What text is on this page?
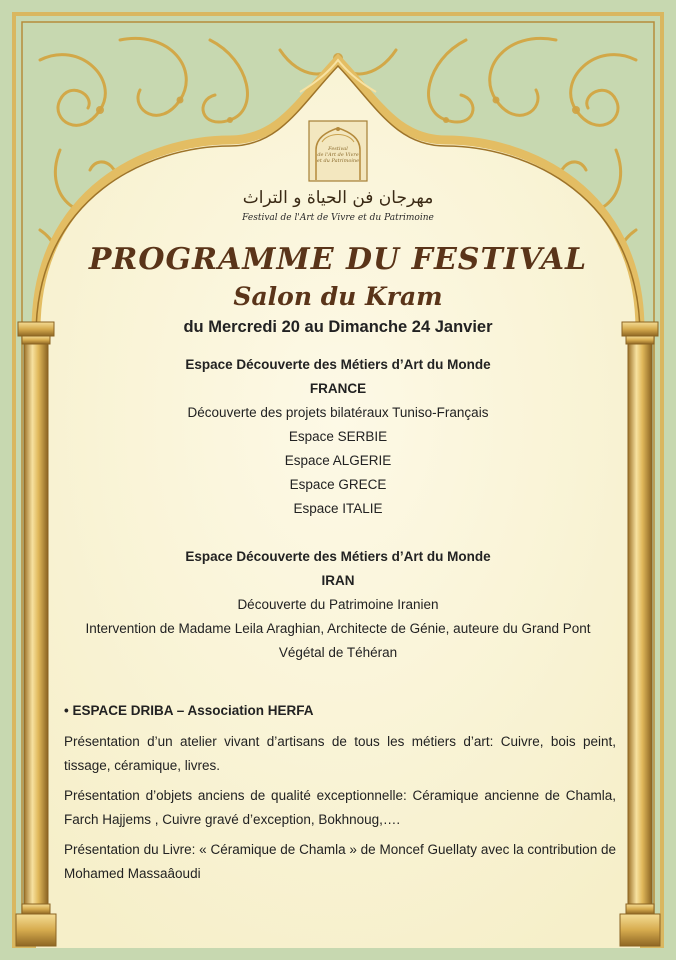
Festival
de l'Art de Vivre
et du Patrimoine
مهرجان فن الحياة و التراث
Festival de l'Art de Vivre et du Patrimoine
PROGRAMME DU FESTIVAL
Salon du Kram
du Mercredi 20 au Dimanche 24 Janvier
Espace Découverte des Métiers d’Art du Monde
FRANCE
Découverte des projets bilatéraux Tuniso-Français
Espace SERBIE
Espace ALGERIE
Espace GRECE
Espace ITALIE
Espace Découverte des Métiers d’Art du Monde
IRAN
Découverte du Patrimoine Iranien
Intervention de Madame Leila Araghian, Architecte de Génie, auteure du Grand Pont
Végétal de Téhéran
• ESPACE DRIBA – Association HERFA
Présentation d’un atelier vivant d’artisans de tous les métiers d’art: Cuivre, bois peint, tissage, céramique, livres.
Présentation d’objets anciens de qualité exceptionnelle: Céramique ancienne de Chamla, Farch Hajjems , Cuivre gravé d’exception, Bokhnoug,….
Présentation du Livre: « Céramique de Chamla » de Moncef Guellaty avec la contribution de Mohamed Massaâoudi
